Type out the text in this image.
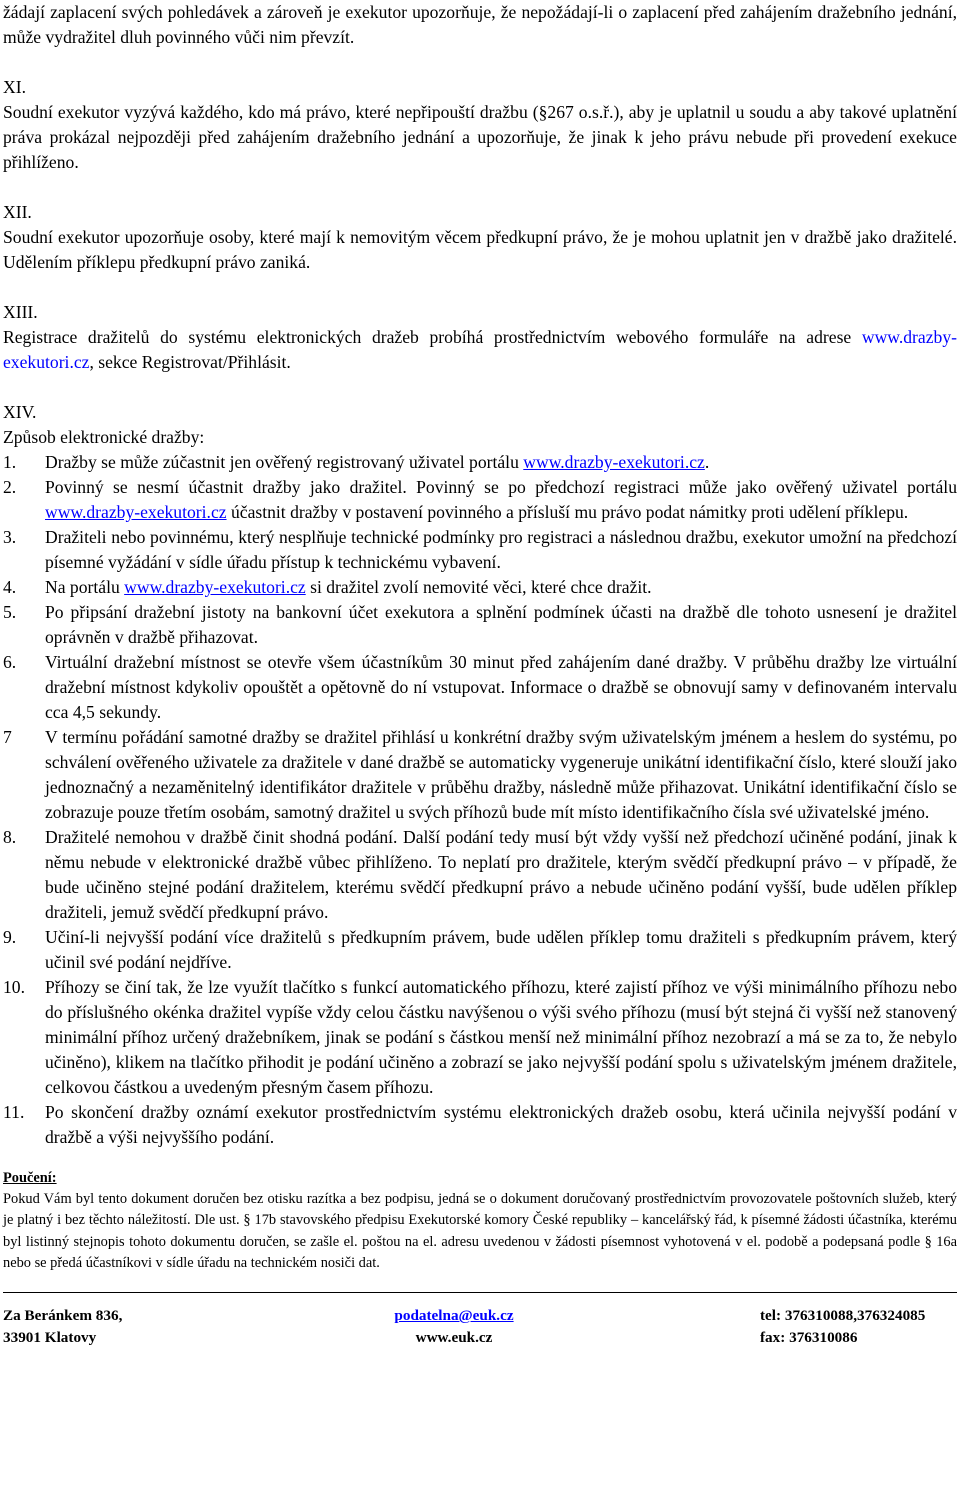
žádají zaplacení svých pohledávek a zároveň je exekutor upozorňuje, že nepožádají-li o zaplacení před zahájením dražebního jednání, může vydražitel dluh povinného vůči nim převzít.

XI.

Soudní exekutor vyzývá každého, kdo má právo, které nepřipouští dražbu (§267 o.s.ř.), aby je uplatnil u soudu a aby takové uplatnění práva prokázal nejpozději před zahájením dražebního jednání a upozorňuje, že jinak k jeho právu nebude při provedení exekuce přihlíženo.

XII.

Soudní exekutor upozorňuje osoby, které mají k nemovitým věcem předkupní právo, že je mohou uplatnit jen v dražbě jako dražitelé. Udělením příklepu předkupní právo zaniká.

XIII.

Registrace dražitelů do systému elektronických dražeb probíhá prostřednictvím webového formuláře na adrese www.drazby-exekutori.cz, sekce Registrovat/Přihlásit.

XIV.

Způsob elektronické dražby:

1. Dražby se může zúčastnit jen ověřený registrovaný uživatel portálu www.drazby-exekutori.cz.
2. Povinný se nesmí účastnit dražby jako dražitel. Povinný se po předchozí registraci může jako ověřený uživatel portálu www.drazby-exekutori.cz účastnit dražby v postavení povinného a přísluší mu právo podat námitky proti udělení příklepu.
3. Dražiteli nebo povinnému, který nesplňuje technické podmínky pro registraci a následnou dražbu, exekutor umožní na předchozí písemné vyžádání v sídle úřadu přístup k technickému vybavení.
4. Na portálu www.drazby-exekutori.cz si dražitel zvolí nemovité věci, které chce dražit.
5. Po připsání dražební jistoty na bankovní účet exekutora a splnění podmínek účasti na dražbě dle tohoto usnesení je dražitel oprávněn v dražbě přihazovat.
6. Virtuální dražební místnost se otevře všem účastníkům 30 minut před zahájením dané dražby. V průběhu dražby lze virtuální dražební místnost kdykoliv opouštět a opětovně do ní vstupovat. Informace o dražbě se obnovují samy v definovaném intervalu cca 4,5 sekundy.
7 V termínu pořádání samotné dražby se dražitel přihlásí u konkrétní dražby svým uživatelským jménem a heslem do systému, po schválení ověřeného uživatele za dražitele v dané dražbě se automaticky vygeneruje unikátní identifikační číslo, které slouží jako jednoznačný a nezaměnitelný identifikátor dražitele v průběhu dražby, následně může přihazovat. Unikátní identifikační číslo se zobrazuje pouze třetím osobám, samotný dražitel u svých příhozů bude mít místo identifikačního čísla své uživatelské jméno.
8. Dražitelé nemohou v dražbě činit shodná podání. Další podání tedy musí být vždy vyšší než předchozí učiněné podání, jinak k němu nebude v elektronické dražbě vůbec přihlíženo. To neplatí pro dražitele, kterým svědčí předkupní právo – v případě, že bude učiněno stejné podání dražitelem, kterému svědčí předkupní právo a nebude učiněno podání vyšší, bude udělen příklep dražiteli, jemuž svědčí předkupní právo.
9. Učiní-li nejvyšší podání více dražitelů s předkupním právem, bude udělen příklep tomu dražiteli s předkupním právem, který učinil své podání nejdříve.
10. Příhozy se činí tak, že lze využít tlačítko s funkcí automatického příhozu, které zajistí příhoz ve výši minimálního příhozu nebo do příslušného okénka dražitel vypíše vždy celou částku navýšenou o výši svého příhozu (musí být stejná či vyšší než stanovený minimální příhoz určený dražebníkem, jinak se podání s částkou menší než minimální příhoz nezobrazí a má se za to, že nebylo učiněno), klikem na tlačítko přihodit je podání učiněno a zobrazí se jako nejvyšší podání spolu s uživatelským jménem dražitele, celkovou částkou a uvedeným přesným časem příhozu.
11. Po skončení dražby oznámí exekutor prostřednictvím systému elektronických dražeb osobu, která učinila nejvyšší podání v dražbě a výši nejvyššího podání.
Poučení:

Pokud Vám byl tento dokument doručen bez otisku razítka a bez podpisu, jedná se o dokument doručovaný prostřednictvím provozovatele poštovních služeb, který je platný i bez těchto náležitostí. Dle ust. § 17b stavovského předpisu Exekutorské komory České republiky – kancelářský řád, k písemné žádosti účastníka, kterému byl listinný stejnopis tohoto dokumentu doručen, se zašle el. poštou na el. adresu uvedenou v žádosti písemnost vyhotovená v el. podobě a podepsaná podle § 16a nebo se předá účastníkovi v sídle úřadu na technickém nosiči dat.

Za Beránkem 836,
33901 Klatovy
podatelna@euk.cz
www.euk.cz
tel: 376310088,376324085
fax: 376310086
